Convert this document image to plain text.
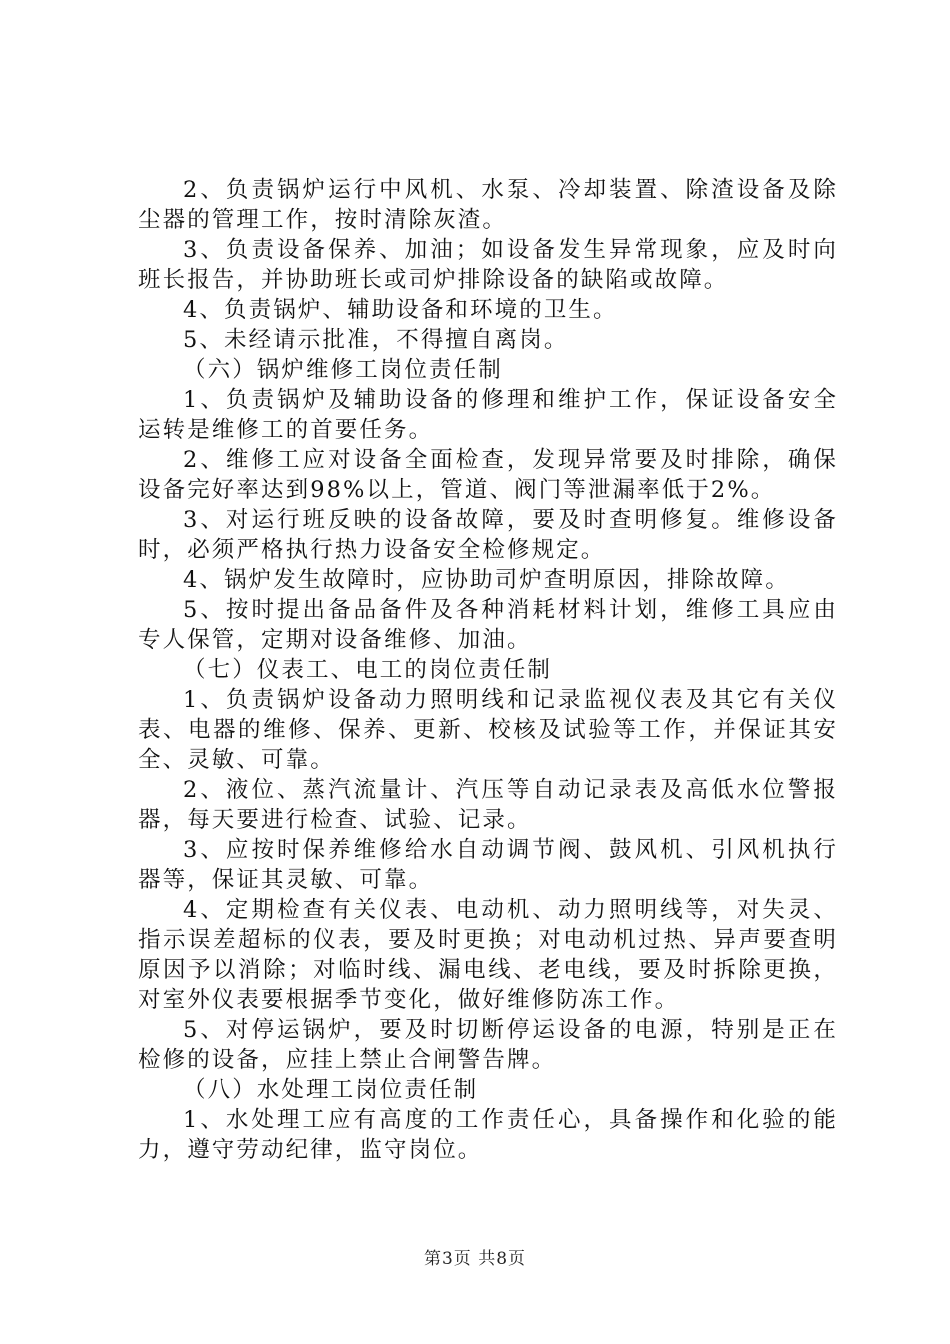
2、负责锅炉运行中风机、水泵、冷却装置、除渣设备及除尘器的管理工作，按时清除灰渣。

3、负责设备保养、加油；如设备发生异常现象，应及时向班长报告，并协助班长或司炉排除设备的缺陷或故障。

4、负责锅炉、辅助设备和环境的卫生。

5、未经请示批准，不得擅自离岗。

（六）锅炉维修工岗位责任制

1、负责锅炉及辅助设备的修理和维护工作，保证设备安全运转是维修工的首要任务。

2、维修工应对设备全面检查，发现异常要及时排除，确保设备完好率达到98%以上，管道、阀门等泄漏率低于2%。

3、对运行班反映的设备故障，要及时查明修复。维修设备时，必须严格执行热力设备安全检修规定。

4、锅炉发生故障时，应协助司炉查明原因，排除故障。

5、按时提出备品备件及各种消耗材料计划，维修工具应由专人保管，定期对设备维修、加油。

（七）仪表工、电工的岗位责任制

1、负责锅炉设备动力照明线和记录监视仪表及其它有关仪表、电器的维修、保养、更新、校核及试验等工作，并保证其安全、灵敏、可靠。

2、液位、蒸汽流量计、汽压等自动记录表及高低水位警报器，每天要进行检查、试验、记录。

3、应按时保养维修给水自动调节阀、鼓风机、引风机执行器等，保证其灵敏、可靠。

4、定期检查有关仪表、电动机、动力照明线等，对失灵、指示误差超标的仪表，要及时更换；对电动机过热、异声要查明原因予以消除；对临时线、漏电线、老电线，要及时拆除更换，对室外仪表要根据季节变化，做好维修防冻工作。

5、对停运锅炉，要及时切断停运设备的电源，特别是正在检修的设备，应挂上禁止合闸警告牌。

（八）水处理工岗位责任制

1、水处理工应有高度的工作责任心，具备操作和化验的能力，遵守劳动纪律，监守岗位。

第3页 共8页
